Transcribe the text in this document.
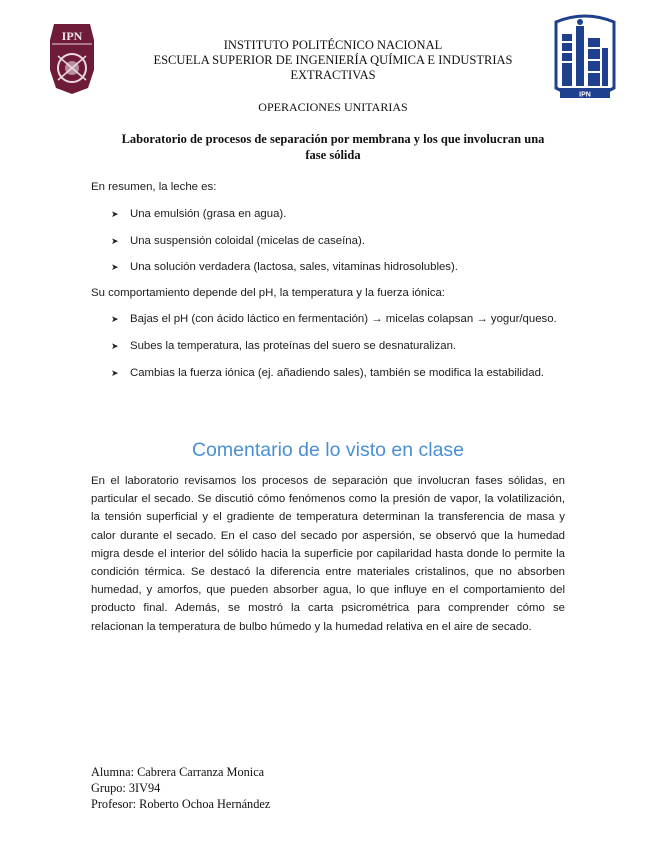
IPN
IPN
INSTITUTO POLITÉCNICO NACIONAL
ESCUELA SUPERIOR DE INGENIERÍA QUÍMICA E INDUSTRIAS
EXTRACTIVAS
OPERACIONES UNITARIAS
Laboratorio de procesos de separación por membrana y los que involucran una
fase sólida

En resumen, la leche es:

➤ Una emulsión (grasa en agua).
➤ Una suspensión coloidal (micelas de caseína).
➤ Una solución verdadera (lactosa, sales, vitaminas hidrosolubles).

Su comportamiento depende del pH, la temperatura y la fuerza iónica:

➤ Bajas el pH (con ácido láctico en fermentación) → micelas colapsan → yogur/queso.
➤ Subes la temperatura, las proteínas del suero se desnaturalizan.
➤ Cambias la fuerza iónica (ej. añadiendo sales), también se modifica la estabilidad.
Comentario de lo visto en clase

En el laboratorio revisamos los procesos de separación que involucran fases sólidas, en particular el secado. Se discutió cómo fenómenos como la presión de vapor, la volatilización, la tensión superficial y el gradiente de temperatura determinan la transferencia de masa y calor durante el secado. En el caso del secado por aspersión, se observó que la humedad migra desde el interior del sólido hacia la superficie por capilaridad hasta donde lo permite la condición térmica. Se destacó la diferencia entre materiales cristalinos, que no absorben humedad, y amorfos, que pueden absorber agua, lo que influye en el comportamiento del producto final. Además, se mostró la carta psicrométrica para comprender cómo se relacionan la temperatura de bulbo húmedo y la humedad relativa en el aire de secado.

Alumna: Cabrera Carranza Monica
Grupo: 3IV94
Profesor: Roberto Ochoa Hernández
